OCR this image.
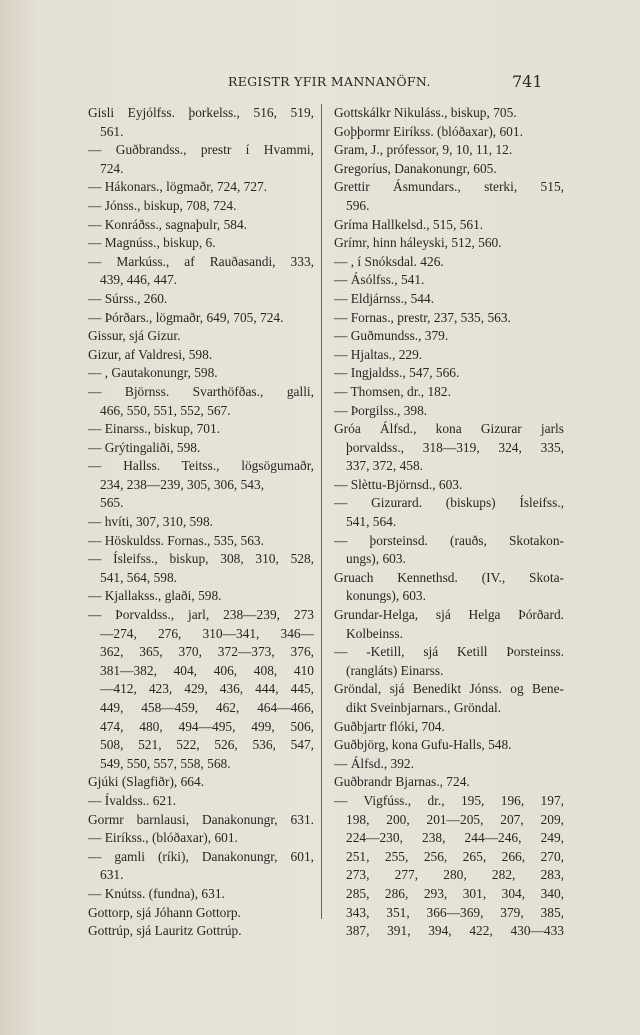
REGISTR YFIR MANNANÖFN.	741
Gisli Eyjólfss. þorkelss., 516, 519,
561.
— Guðbrandss., prestr í Hvammi,
724.
— Hákonars., lögmaðr, 724, 727.
— Jónss., biskup, 708, 724.
— Konráðss., sagnaþulr, 584.
— Magnúss., biskup, 6.
— Markúss., af Rauðasandi, 333,
439, 446, 447.
— Súrss., 260.
— Þórðars., lögmaðr, 649, 705, 724.
Gissur, sjá Gizur.
Gizur, af Valdresi, 598.
— , Gautakonungr, 598.
— Björnss. Svarthöfðas., galli,
466, 550, 551, 552, 567.
— Einarss., biskup, 701.
— Grýtingaliði, 598.
— Hallss. Teitss., lögsögumaðr,
234, 238—239, 305, 306, 543,
565.
— hvíti, 307, 310, 598.
— Höskuldss. Fornas., 535, 563.
— Ísleifss., biskup, 308, 310, 528,
541, 564, 598.
— Kjallakss., glaði, 598.
— Þorvaldss., jarl, 238—239, 273
—274, 276, 310—341, 346—
362, 365, 370, 372—373, 376,
381—382, 404, 406, 408, 410
—412, 423, 429, 436, 444, 445,
449, 458—459, 462, 464—466,
474, 480, 494—495, 499, 506,
508, 521, 522, 526, 536, 547,
549, 550, 557, 558, 568.
Gjúki (Slagfiðr), 664.
— Ívaldss.. 621.
Gormr barnlausi, Danakonungr, 631.
— Eiríkss., (blóðaxar), 601.
— gamli (ríki), Danakonungr, 601,
631.
— Knútss. (fundna), 631.
Gottorp, sjá Jóhann Gottorp.
Gottrúp, sjá Lauritz Gottrúp.
Gottskálkr Nikuláss., biskup, 705.
Goþþormr Eiríkss. (blóðaxar), 601.
Gram, J., prófessor, 9, 10, 11, 12.
Gregoríus, Danakonungr, 605.
Grettir Ásmundars., sterki, 515,
596.
Gríma Hallkelsd., 515, 561.
Grímr, hinn háleyski, 512, 560.
— , í Snóksdal. 426.
— Ásólfss., 541.
— Eldjárnss., 544.
— Fornas., prestr, 237, 535, 563.
— Guðmundss., 379.
— Hjaltas., 229.
— Ingjaldss., 547, 566.
— Thomsen, dr., 182.
— Þorgilss., 398.
Gróa Álfsd., kona Gizurar jarls
þorvaldss., 318—319, 324, 335,
337, 372, 458.
— Slèttu-Björnsd., 603.
— Gizurard. (biskups) Ísleifss.,
541, 564.
— þorsteinsd. (rauðs, Skotakon-
ungs), 603.
Gruach Kennethsd. (IV., Skota-
konungs), 603.
Grundar-Helga, sjá Helga Þórðard.
Kolbeinss.
— -Ketill, sjá Ketill Þorsteinss.
(rangláts) Einarss.
Gröndal, sjá Benedikt Jónss. og Bene-
dikt Sveinbjarnars., Gröndal.
Guðbjartr flóki, 704.
Guðbjörg, kona Gufu-Halls, 548.
— Álfsd., 392.
Guðbrandr Bjarnas., 724.
— Vigfúss., dr., 195, 196, 197,
198, 200, 201—205, 207, 209,
224—230, 238, 244—246, 249,
251, 255, 256, 265, 266, 270,
273, 277, 280, 282, 283,
285, 286, 293, 301, 304, 340,
343, 351, 366—369, 379, 385,
387, 391, 394, 422, 430—433
